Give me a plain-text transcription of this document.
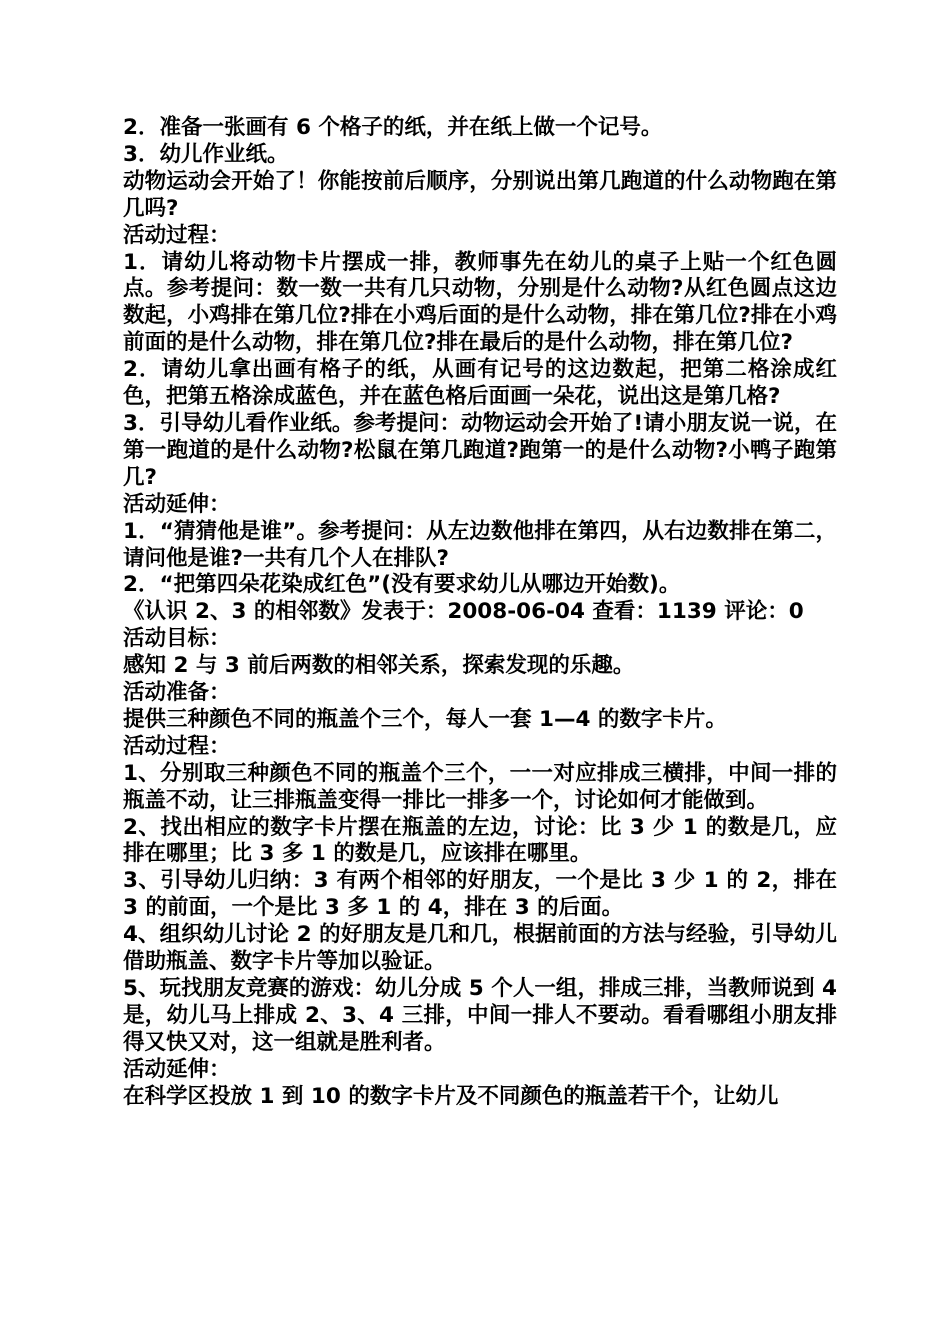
2．准备一张画有 6 个格子的纸，并在纸上做一个记号。

3．幼儿作业纸。

动物运动会开始了！你能按前后顺序，分别说出第几跑道的什么动物跑在第几吗?

活动过程：

1．请幼儿将动物卡片摆成一排，教师事先在幼儿的桌子上贴一个红色圆点。参考提问：数一数一共有几只动物，分别是什么动物?从红色圆点这边数起，小鸡排在第几位?排在小鸡后面的是什么动物，排在第几位?排在小鸡前面的是什么动物，排在第几位?排在最后的是什么动物，排在第几位?

2．请幼儿拿出画有格子的纸，从画有记号的这边数起，把第二格涂成红色，把第五格涂成蓝色，并在蓝色格后面画一朵花，说出这是第几格?

3．引导幼儿看作业纸。参考提问：动物运动会开始了!请小朋友说一说，在第一跑道的是什么动物?松鼠在第几跑道?跑第一的是什么动物?小鸭子跑第几?

活动延伸：

1．“猜猜他是谁”。参考提问：从左边数他排在第四，从右边数排在第二，请问他是谁?一共有几个人在排队?

2．“把第四朵花染成红色”(没有要求幼儿从哪边开始数)。

《认识 2、3 的相邻数》发表于：2008-06-04 查看：1139 评论：0

活动目标：

感知 2 与 3 前后两数的相邻关系，探索发现的乐趣。

活动准备：

提供三种颜色不同的瓶盖个三个，每人一套 1—4 的数字卡片。

活动过程：

1、分别取三种颜色不同的瓶盖个三个，一一对应排成三横排，中间一排的瓶盖不动，让三排瓶盖变得一排比一排多一个，讨论如何才能做到。

2、找出相应的数字卡片摆在瓶盖的左边，讨论：比 3 少 1 的数是几，应排在哪里；比 3 多 1 的数是几，应该排在哪里。

3、引导幼儿归纳：3 有两个相邻的好朋友，一个是比 3 少 1 的 2，排在 3 的前面，一个是比 3 多 1 的 4，排在 3 的后面。

4、组织幼儿讨论 2 的好朋友是几和几，根据前面的方法与经验，引导幼儿借助瓶盖、数字卡片等加以验证。

5、玩找朋友竞赛的游戏：幼儿分成 5 个人一组，排成三排，当教师说到 4 是，幼儿马上排成 2、3、4 三排，中间一排人不要动。看看哪组小朋友排得又快又对，这一组就是胜利者。

活动延伸：

在科学区投放 1 到 10 的数字卡片及不同颜色的瓶盖若干个，让幼儿
